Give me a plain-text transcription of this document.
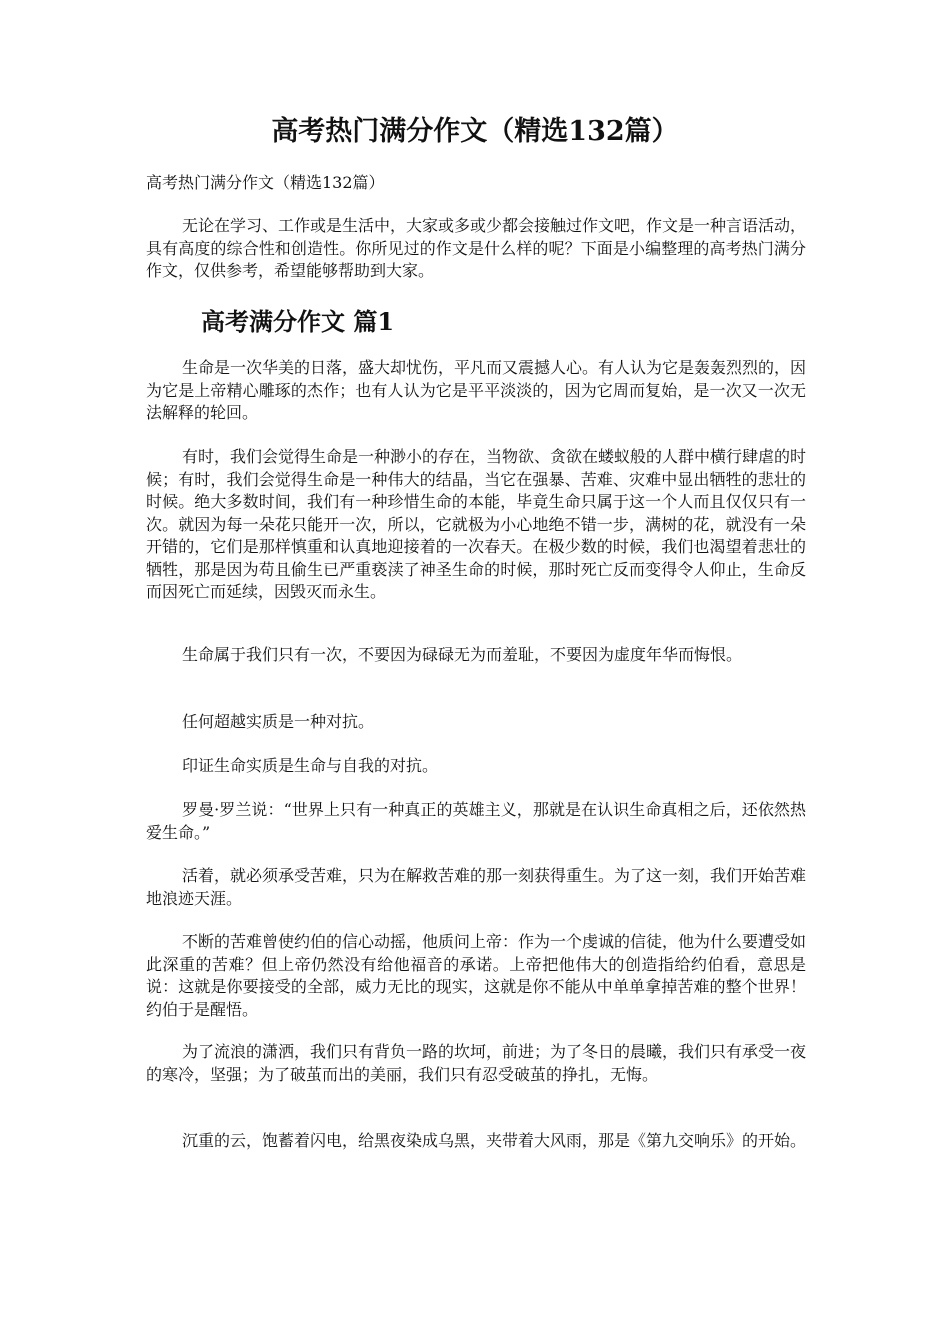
高考热门满分作文（精选132篇）

高考热门满分作文（精选132篇）

无论在学习、工作或是生活中，大家或多或少都会接触过作文吧，作文是一种言语活动，具有高度的综合性和创造性。你所见过的作文是什么样的呢？下面是小编整理的高考热门满分作文，仅供参考，希望能够帮助到大家。

高考满分作文 篇1

生命是一次华美的日落，盛大却忧伤，平凡而又震撼人心。有人认为它是轰轰烈烈的，因为它是上帝精心雕琢的杰作；也有人认为它是平平淡淡的，因为它周而复始，是一次又一次无法解释的轮回。

有时，我们会觉得生命是一种渺小的存在，当物欲、贪欲在蝼蚁般的人群中横行肆虐的时候；有时，我们会觉得生命是一种伟大的结晶，当它在强暴、苦难、灾难中显出牺牲的悲壮的时候。绝大多数时间，我们有一种珍惜生命的本能，毕竟生命只属于这一个人而且仅仅只有一次。就因为每一朵花只能开一次，所以，它就极为小心地绝不错一步，满树的花，就没有一朵开错的，它们是那样慎重和认真地迎接着的一次春天。在极少数的时候，我们也渴望着悲壮的牺牲，那是因为苟且偷生已严重亵渎了神圣生命的时候，那时死亡反而变得令人仰止，生命反而因死亡而延续，因毁灭而永生。

生命属于我们只有一次，不要因为碌碌无为而羞耻，不要因为虚度年华而悔恨。

任何超越实质是一种对抗。

印证生命实质是生命与自我的对抗。

罗曼·罗兰说：“世界上只有一种真正的英雄主义，那就是在认识生命真相之后，还依然热爱生命。”

活着，就必须承受苦难，只为在解救苦难的那一刻获得重生。为了这一刻，我们开始苦难地浪迹天涯。

不断的苦难曾使约伯的信心动摇，他质问上帝：作为一个虔诚的信徒，他为什么要遭受如此深重的苦难？但上帝仍然没有给他福音的承诺。上帝把他伟大的创造指给约伯看，意思是说：这就是你要接受的全部，威力无比的现实，这就是你不能从中单单拿掉苦难的整个世界！约伯于是醒悟。

为了流浪的潇洒，我们只有背负一路的坎坷，前进；为了冬日的晨曦，我们只有承受一夜的寒冷，坚强；为了破茧而出的美丽，我们只有忍受破茧的挣扎，无悔。

沉重的云，饱蓄着闪电，给黑夜染成乌黑，夹带着大风雨，那是《第九交响乐》的开始。
